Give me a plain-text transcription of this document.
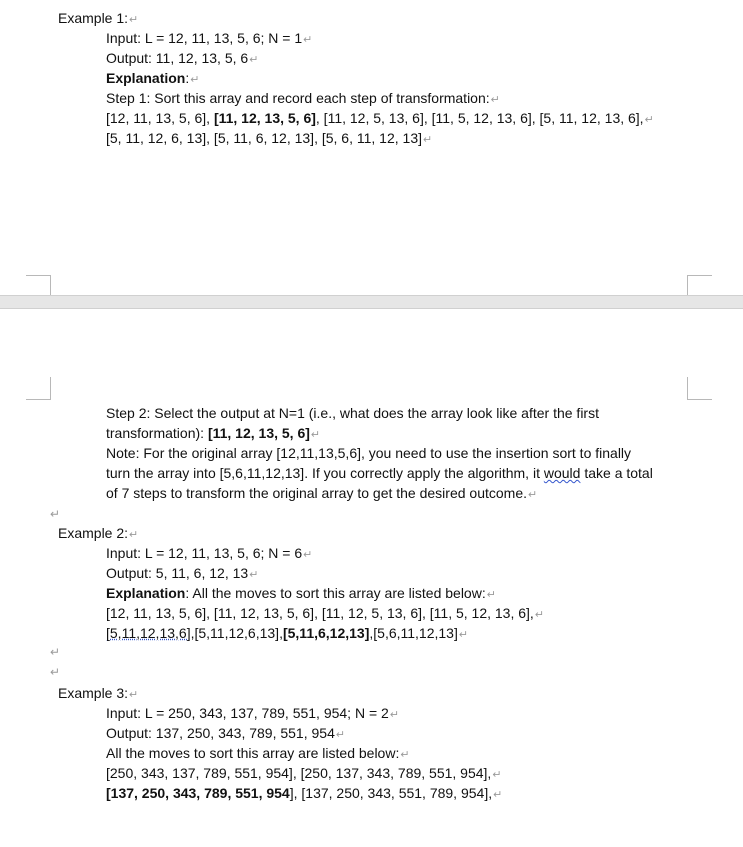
Example 1:↵
Input: L = 12, 11, 13, 5, 6; N = 1↵
Output: 11, 12, 13, 5, 6↵
Explanation:↵
Step 1: Sort this array and record each step of transformation:↵
[12, 11, 13, 5, 6], [11, 12, 13, 5, 6], [11, 12, 5, 13, 6], [11, 5, 12, 13, 6], [5, 11, 12, 13, 6],↵
[5, 11, 12, 6, 13], [5, 11, 6, 12, 13], [5, 6, 11, 12, 13]↵
Step 2: Select the output at N=1 (i.e., what does the array look like after the first
transformation): [11, 12, 13, 5, 6]↵
Note: For the original array [12,11,13,5,6], you need to use the insertion sort to finally
turn the array into [5,6,11,12,13]. If you correctly apply the algorithm, it would take a total
of 7 steps to transform the original array to get the desired outcome.↵
↵
Example 2:↵
Input: L = 12, 11, 13, 5, 6; N = 6↵
Output: 5, 11, 6, 12, 13↵
Explanation: All the moves to sort this array are listed below:↵
[12, 11, 13, 5, 6], [11, 12, 13, 5, 6], [11, 12, 5, 13, 6], [11, 5, 12, 13, 6],↵
[5,11,12,13,6],[5,11,12,6,13],[5,11,6,12,13],[5,6,11,12,13]↵
↵
↵
Example 3:↵
Input: L = 250, 343, 137, 789, 551, 954; N = 2↵
Output: 137, 250, 343, 789, 551, 954↵
All the moves to sort this array are listed below:↵
[250, 343, 137, 789, 551, 954], [250, 137, 343, 789, 551, 954],↵
[137, 250, 343, 789, 551, 954], [137, 250, 343, 551, 789, 954],↵
